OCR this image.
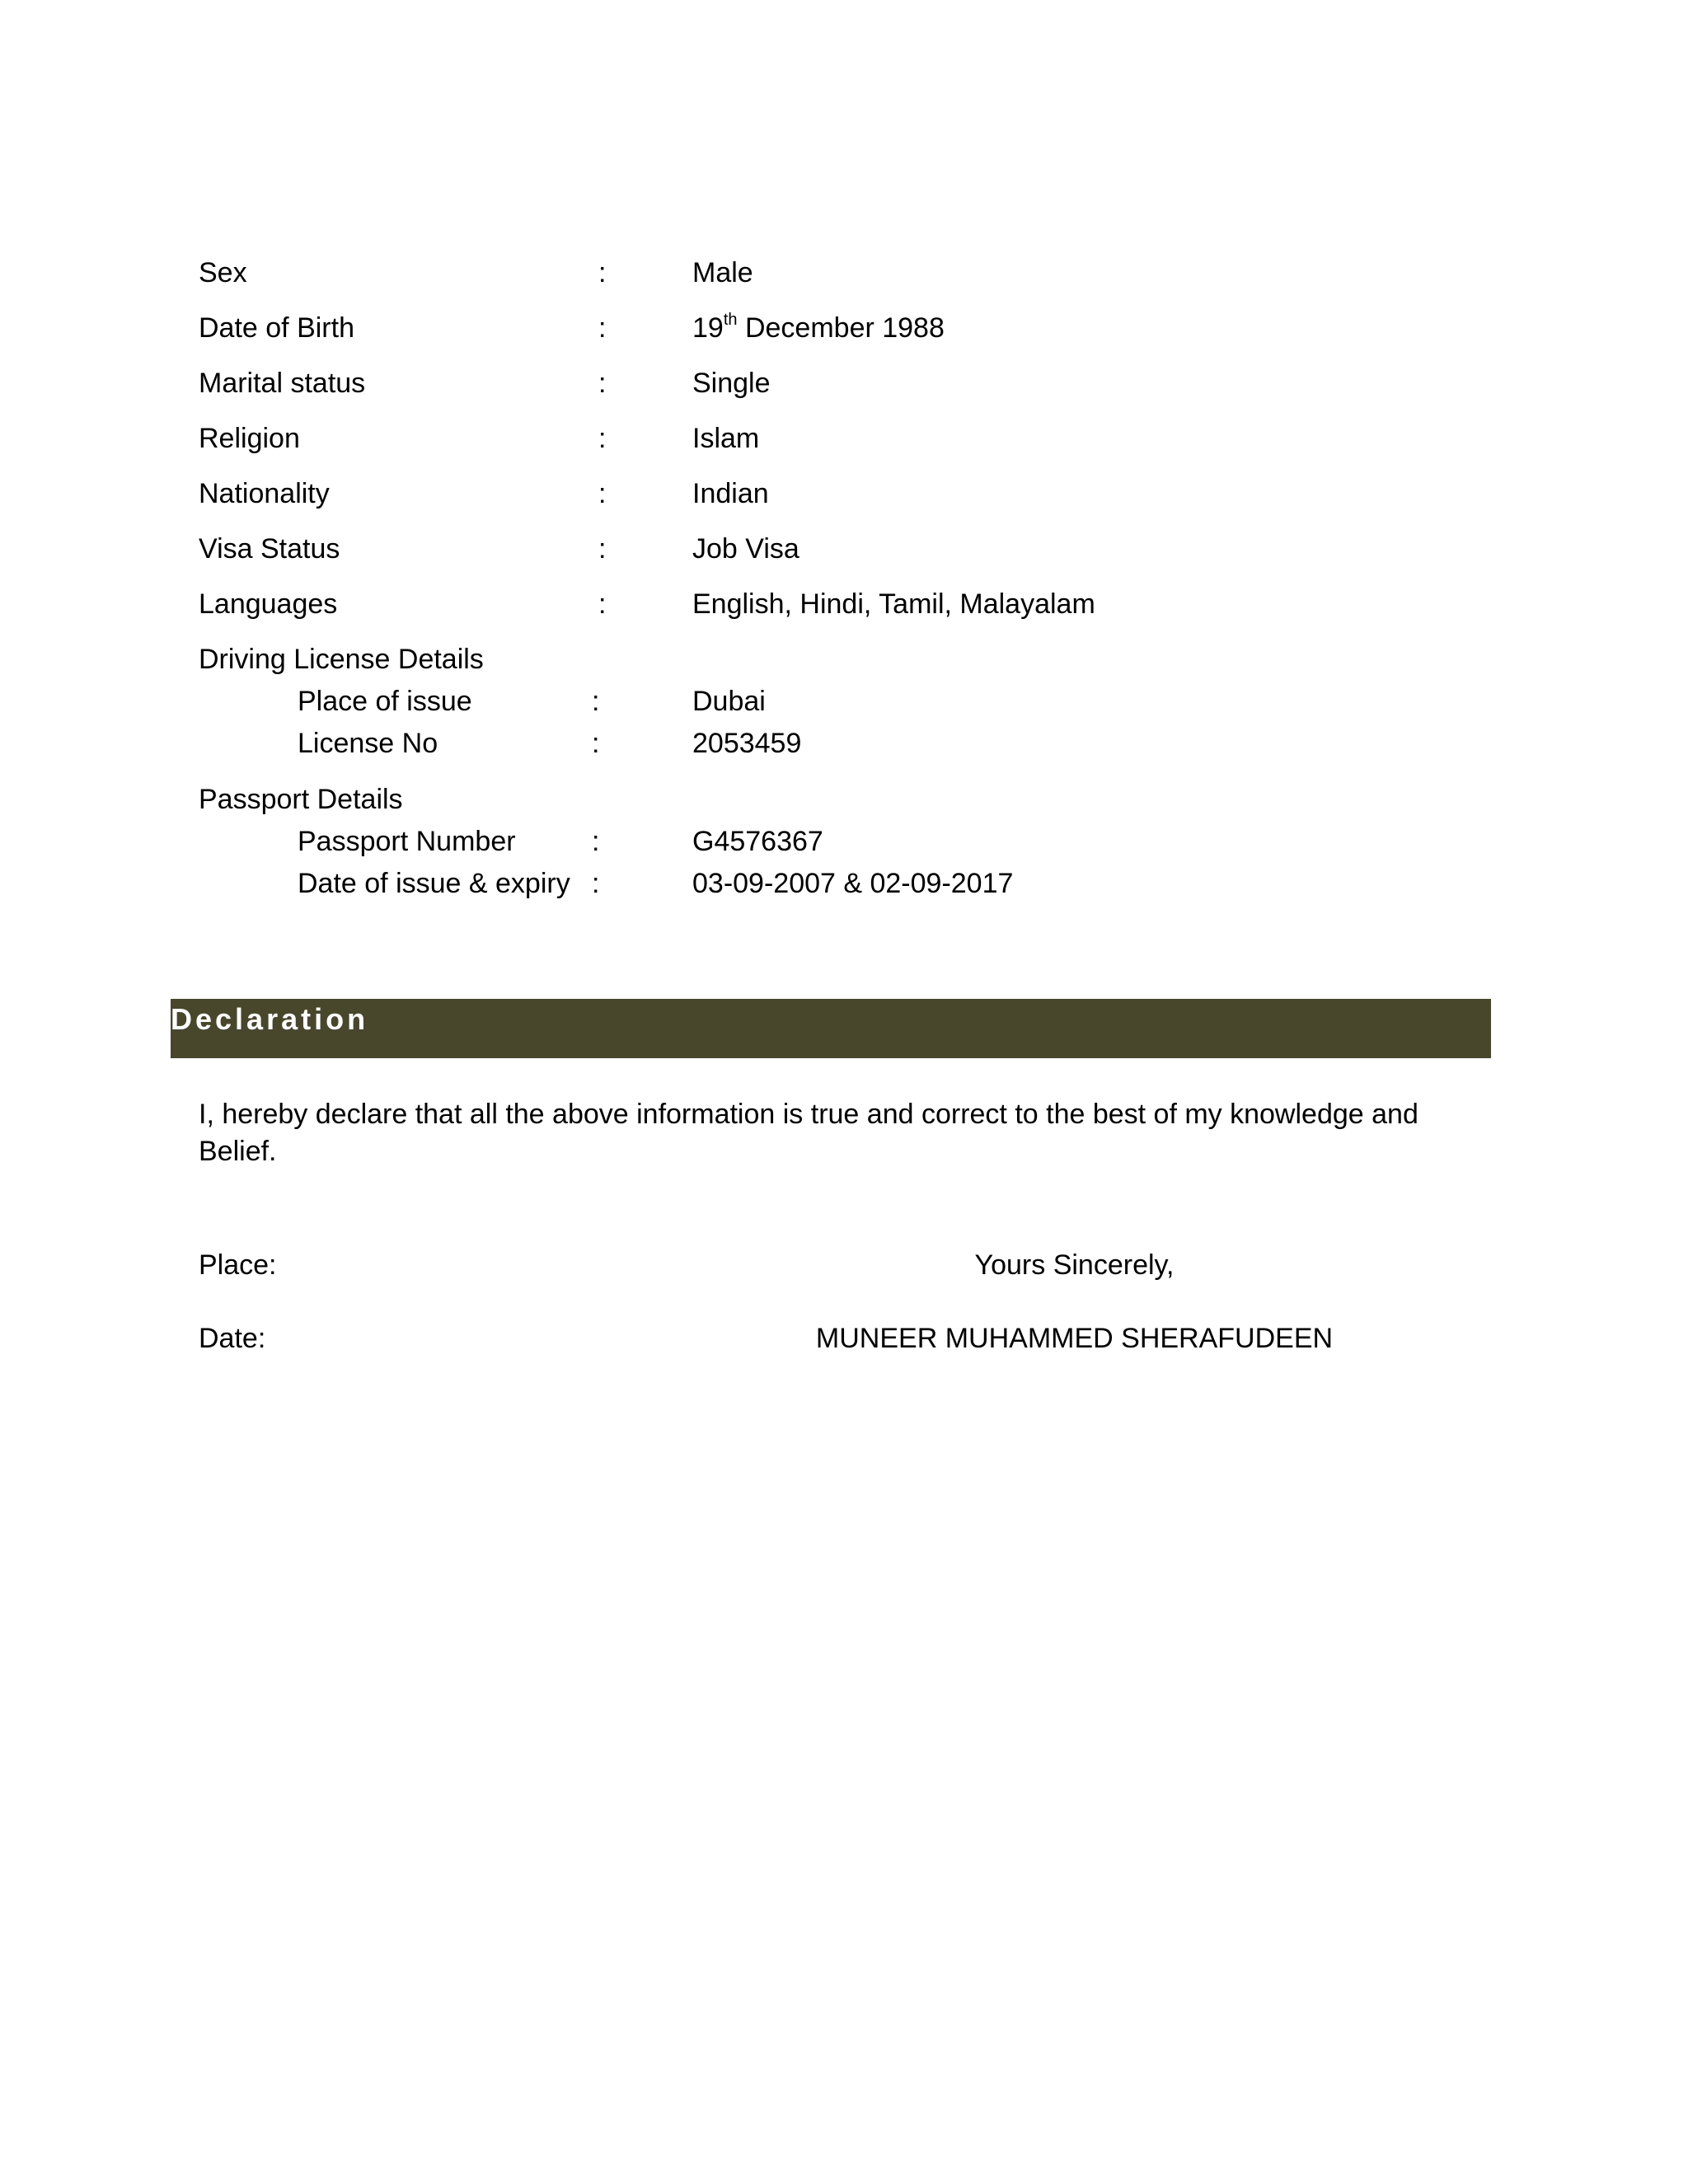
Sex	:	Male
Date of Birth	:	19th December 1988
Marital status	:	Single
Religion	:	Islam
Nationality	:	Indian
Visa Status	:	Job Visa
Languages	:	English, Hindi, Tamil, Malayalam
Driving License Details
Place of issue	:	Dubai
License No	:	2053459
Passport Details
Passport Number	:	G4576367
Date of issue & expiry :	03-09-2007 & 02-09-2017
Declaration
I, hereby declare that all the above information is true and correct to the best of my knowledge and Belief.
Place:	Yours Sincerely,
Date:	MUNEER MUHAMMED SHERAFUDEEN
